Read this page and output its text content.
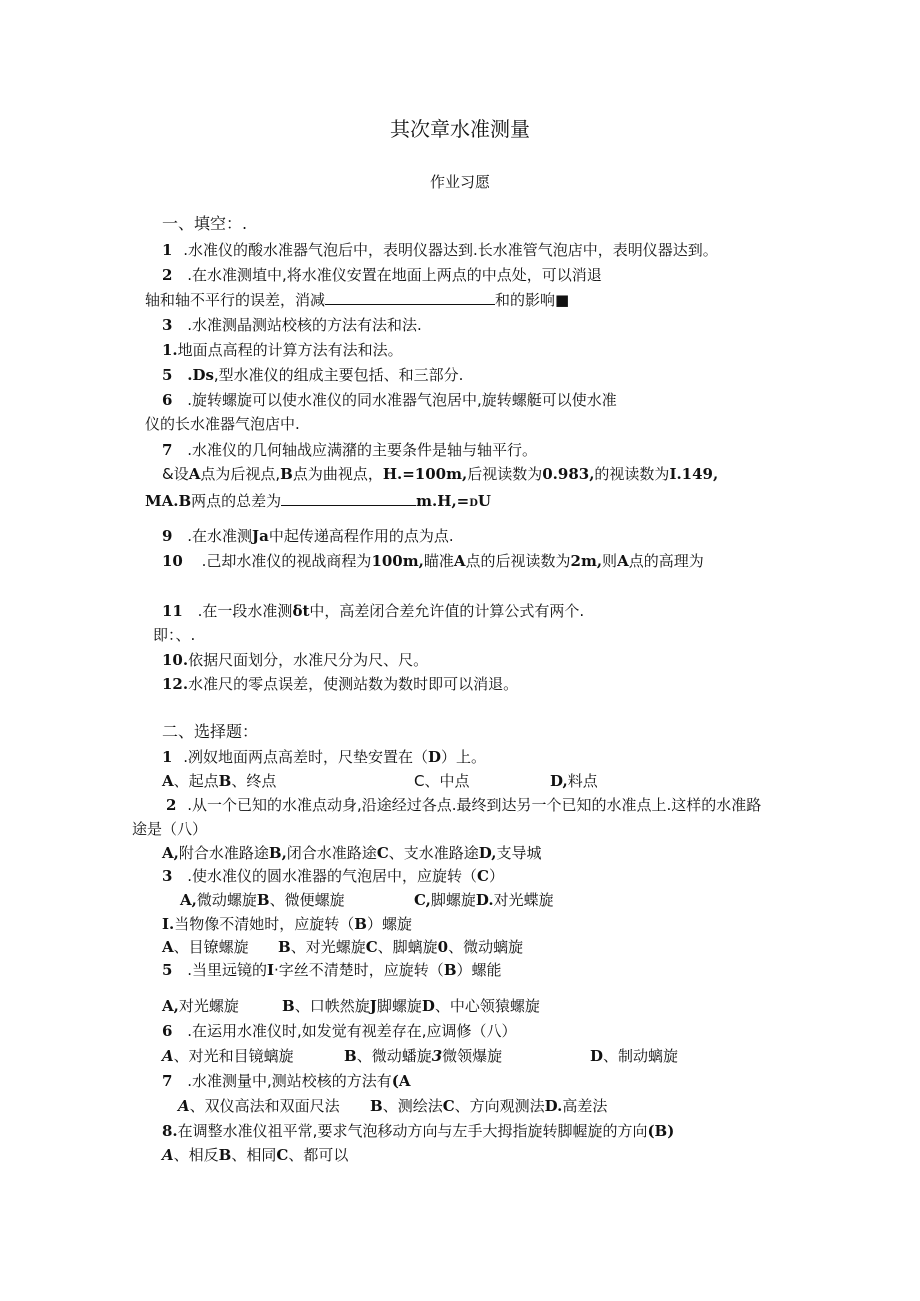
其次章水准测量
作业习愿
一、填空：.
1 .水准仪的酸水准器气泡后中，表明仪器达到.长水准管气泡店中，表明仪器达到。
2 .在水准测埴中,将水准仪安置在地面上两点的中点处，可以消退
轴和轴不平行的误差，消减	和的影响■
3 .水准测晶测站校核的方法有法和法.
1.地面点高程的计算方法有法和法。
5 .Ds,型水准仪的组成主要包括、和三部分.
6 .旋转螺旋可以使水准仪的同水准器气泡居中,旋转螺艇可以使水准
仪的长水准器气泡店中.
7 .水准仪的几何轴战应满潴的主要条件是轴与轴平行。
&设A点为后视点,B点为曲视点，H.=100m,后视读数为0.983,的视读数为I.149,
MA.B两点的总差为	m.H,=DU
9 .在水准测Ja中起传递高程作用的点为点.
10 .己却水准仪的视战商程为100m,瞄准A点的后视读数为2m,则A点的高理为
11 .在一段水准测δt中，高差闭合差允许值的计算公式有两个.
即：、.
10.依据尺面划分，水准尺分为尺、尺。
12.水准尺的零点误差，使测站数为数时即可以消退。
二、选择题：
1 .冽奴地面两点高差时，尺垫安置在（D）上。
A、起点B、终点	C、中点	D,料点
2 .从一个已知的水准点动身,沿途经过各点.最终到达另一个已知的水准点上.这样的水准路
途是（八）
A,附合水准路途B,闭合水准路途C、支水准路途D,支导城
3 .使水准仪的圆水准器的气泡居中，应旋转（C）
A,微动螺旋B、微便螺旋	C,脚螺旋D.对光蝶旋
I.当物像不清她时，应旋转（B）螺旋
A、目镣螺旋 B、对光螺旋C、脚螭旋0、微动螭旋
5 .当里远镜的I·字丝不清楚时，应旋转（B）螺能
A,对光螺旋	B、口帙然旋J脚螺旋D、中心领猿螺旋
6 .在运用水准仪时,如发觉有视差存在,应调修（八）
A、对光和目镜螭旋	B、微动蟠旋3微领爆旋	D、制动螭旋
7 .水准测量中,测站校核的方法有(A
A、双仪高法和双面尺法 B、测绘法C、方向观测法D.高差法
8.在调整水准仪祖平常,要求气泡移动方向与左手大拇指旋转脚幄旋的方向(B)
A、相反B、相同C、都可以
